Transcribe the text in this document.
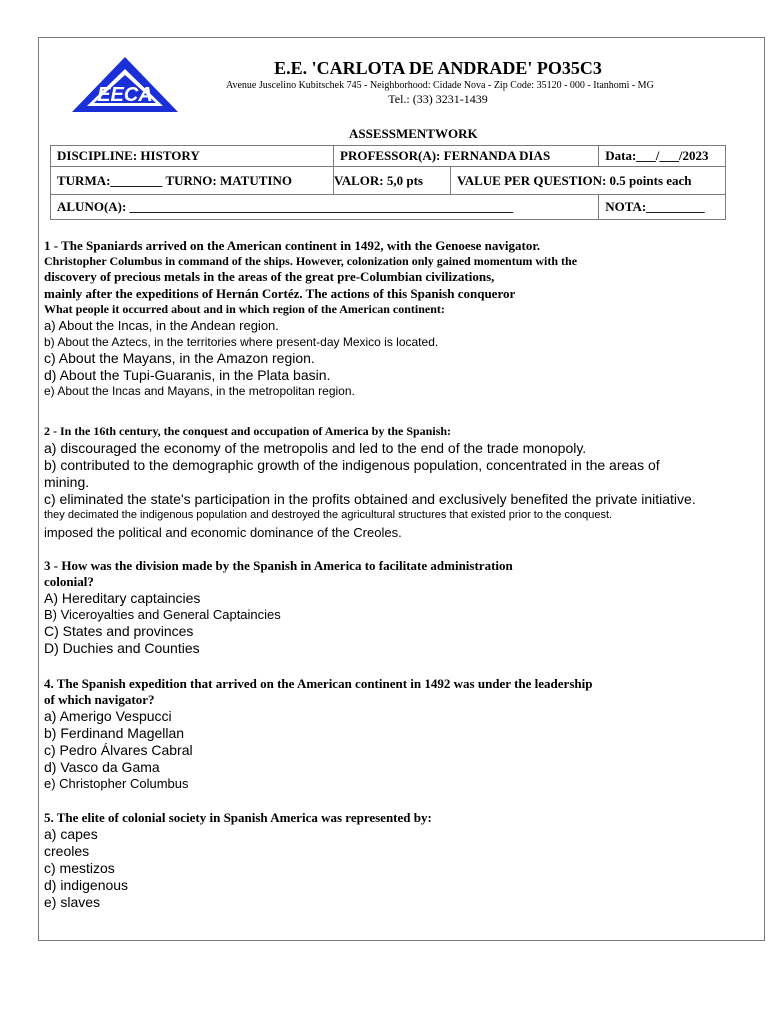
EECA
E.E. 'CARLOTA DE ANDRADE' PO35C3
Avenue Juscelino Kubitschek 745 - Neighborhood: Cidade Nova - Zip Code: 35120 - 000 - Itanhomi - MG
Tel.: (33) 3231-1439
ASSESSMENTWORK
DISCIPLINE: HISTORY	PROFESSOR(A): FERNANDA DIAS		Data:___/___/2023
TURMA:________ TURNO: MATUTINO	VALOR: 5,0 pts	VALUE PER QUESTION: 0.5 points each	
ALUNO(A): ___________________________________________________________			NOTA:_________
1 - The Spaniards arrived on the American continent in 1492, with the Genoese navigator.
Christopher Columbus in command of the ships. However, colonization only gained momentum with the
discovery of precious metals in the areas of the great pre-Columbian civilizations,
mainly after the expeditions of Hernán Cortéz. The actions of this Spanish conqueror
What people it occurred about and in which region of the American continent:
a) About the Incas, in the Andean region.
b) About the Aztecs, in the territories where present-day Mexico is located.
c) About the Mayans, in the Amazon region.
d) About the Tupi-Guaranis, in the Plata basin.
e) About the Incas and Mayans, in the metropolitan region.
2 - In the 16th century, the conquest and occupation of America by the Spanish:
a) discouraged the economy of the metropolis and led to the end of the trade monopoly.
b) contributed to the demographic growth of the indigenous population, concentrated in the areas of
mining.
c) eliminated the state's participation in the profits obtained and exclusively benefited the private initiative.
they decimated the indigenous population and destroyed the agricultural structures that existed prior to the conquest.
imposed the political and economic dominance of the Creoles.
3 - How was the division made by the Spanish in America to facilitate administration
colonial?
A) Hereditary captaincies
B) Viceroyalties and General Captaincies
C) States and provinces
D) Duchies and Counties
4. The Spanish expedition that arrived on the American continent in 1492 was under the leadership
of which navigator?
a) Amerigo Vespucci
b) Ferdinand Magellan
c) Pedro Álvares Cabral
d) Vasco da Gama
e) Christopher Columbus
5. The elite of colonial society in Spanish America was represented by:
a) capes
creoles
c) mestizos
d) indigenous
e) slaves
